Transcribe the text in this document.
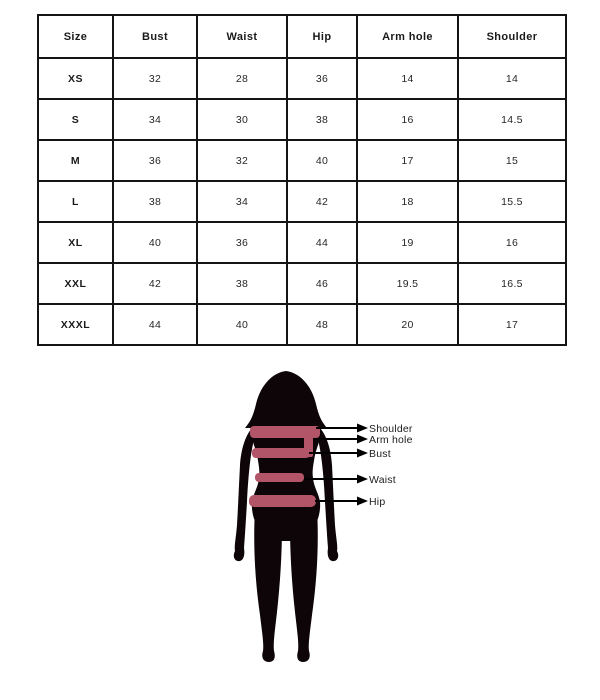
Size	Bust	Waist	Hip	Arm hole	Shoulder
XS	32	28	36	14	14
S	34	30	38	16	14.5
M	36	32	40	17	15
L	38	34	42	18	15.5
XL	40	36	44	19	16
XXL	42	38	46	19.5	16.5
XXXL	44	40	48	20	17
Shoulder
Arm hole
Bust
Waist
Hip
